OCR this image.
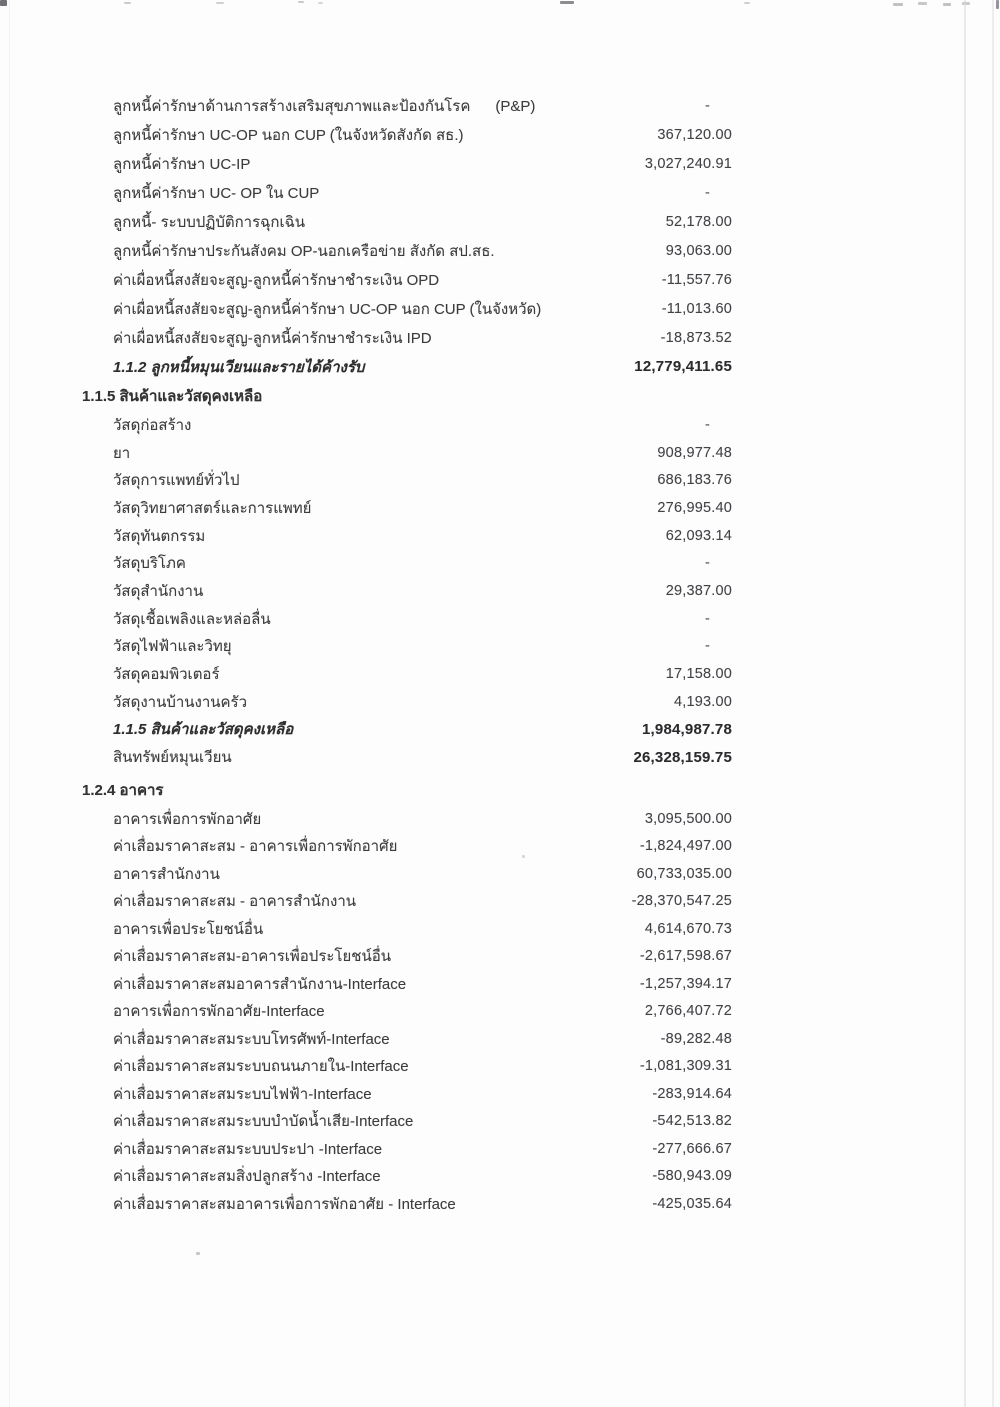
ลูกหนี้ค่ารักษาด้านการสร้างเสริมสุขภาพและป้องกันโรค      (P&P)	-
ลูกหนี้ค่ารักษา UC-OP นอก CUP (ในจังหวัดสังกัด สธ.)	367,120.00
ลูกหนี้ค่ารักษา UC-IP	3,027,240.91
ลูกหนี้ค่ารักษา UC- OP ใน CUP	-
ลูกหนี้- ระบบปฏิบัติการฉุกเฉิน	52,178.00
ลูกหนี้ค่ารักษาประกันสังคม OP-นอกเครือข่าย สังกัด สป.สธ.	93,063.00
ค่าเผื่อหนี้สงสัยจะสูญ-ลูกหนี้ค่ารักษาชำระเงิน OPD	-11,557.76
ค่าเผื่อหนี้สงสัยจะสูญ-ลูกหนี้ค่ารักษา UC-OP นอก CUP (ในจังหวัด)	-11,013.60
ค่าเผื่อหนี้สงสัยจะสูญ-ลูกหนี้ค่ารักษาชำระเงิน IPD	-18,873.52
1.1.2 ลูกหนี้หมุนเวียนและรายได้ค้างรับ	12,779,411.65
1.1.5 สินค้าและวัสดุคงเหลือ
วัสดุก่อสร้าง	-
ยา	908,977.48
วัสดุการแพทย์ทั่วไป	686,183.76
วัสดุวิทยาศาสตร์และการแพทย์	276,995.40
วัสดุทันตกรรม	62,093.14
วัสดุบริโภค	-
วัสดุสำนักงาน	29,387.00
วัสดุเชื้อเพลิงและหล่อลื่น	-
วัสดุไฟฟ้าและวิทยุ	-
วัสดุคอมพิวเตอร์	17,158.00
วัสดุงานบ้านงานครัว	4,193.00
1.1.5 สินค้าและวัสดุคงเหลือ	1,984,987.78
สินทรัพย์หมุนเวียน	26,328,159.75
1.2.4 อาคาร
อาคารเพื่อการพักอาศัย	3,095,500.00
ค่าเสื่อมราคาสะสม - อาคารเพื่อการพักอาศัย	-1,824,497.00
อาคารสำนักงาน	60,733,035.00
ค่าเสื่อมราคาสะสม - อาคารสำนักงาน	-28,370,547.25
อาคารเพื่อประโยชน์อื่น	4,614,670.73
ค่าเสื่อมราคาสะสม-อาคารเพื่อประโยชน์อื่น	-2,617,598.67
ค่าเสื่อมราคาสะสมอาคารสำนักงาน-Interface	-1,257,394.17
อาคารเพื่อการพักอาศัย-Interface	2,766,407.72
ค่าเสื่อมราคาสะสมระบบโทรศัพท์-Interface	-89,282.48
ค่าเสื่อมราคาสะสมระบบถนนภายใน-Interface	-1,081,309.31
ค่าเสื่อมราคาสะสมระบบไฟฟ้า-Interface	-283,914.64
ค่าเสื่อมราคาสะสมระบบบำบัดน้ำเสีย-Interface	-542,513.82
ค่าเสื่อมราคาสะสมระบบประปา -Interface	-277,666.67
ค่าเสื่อมราคาสะสมสิ่งปลูกสร้าง -Interface	-580,943.09
ค่าเสื่อมราคาสะสมอาคารเพื่อการพักอาศัย - Interface	-425,035.64
